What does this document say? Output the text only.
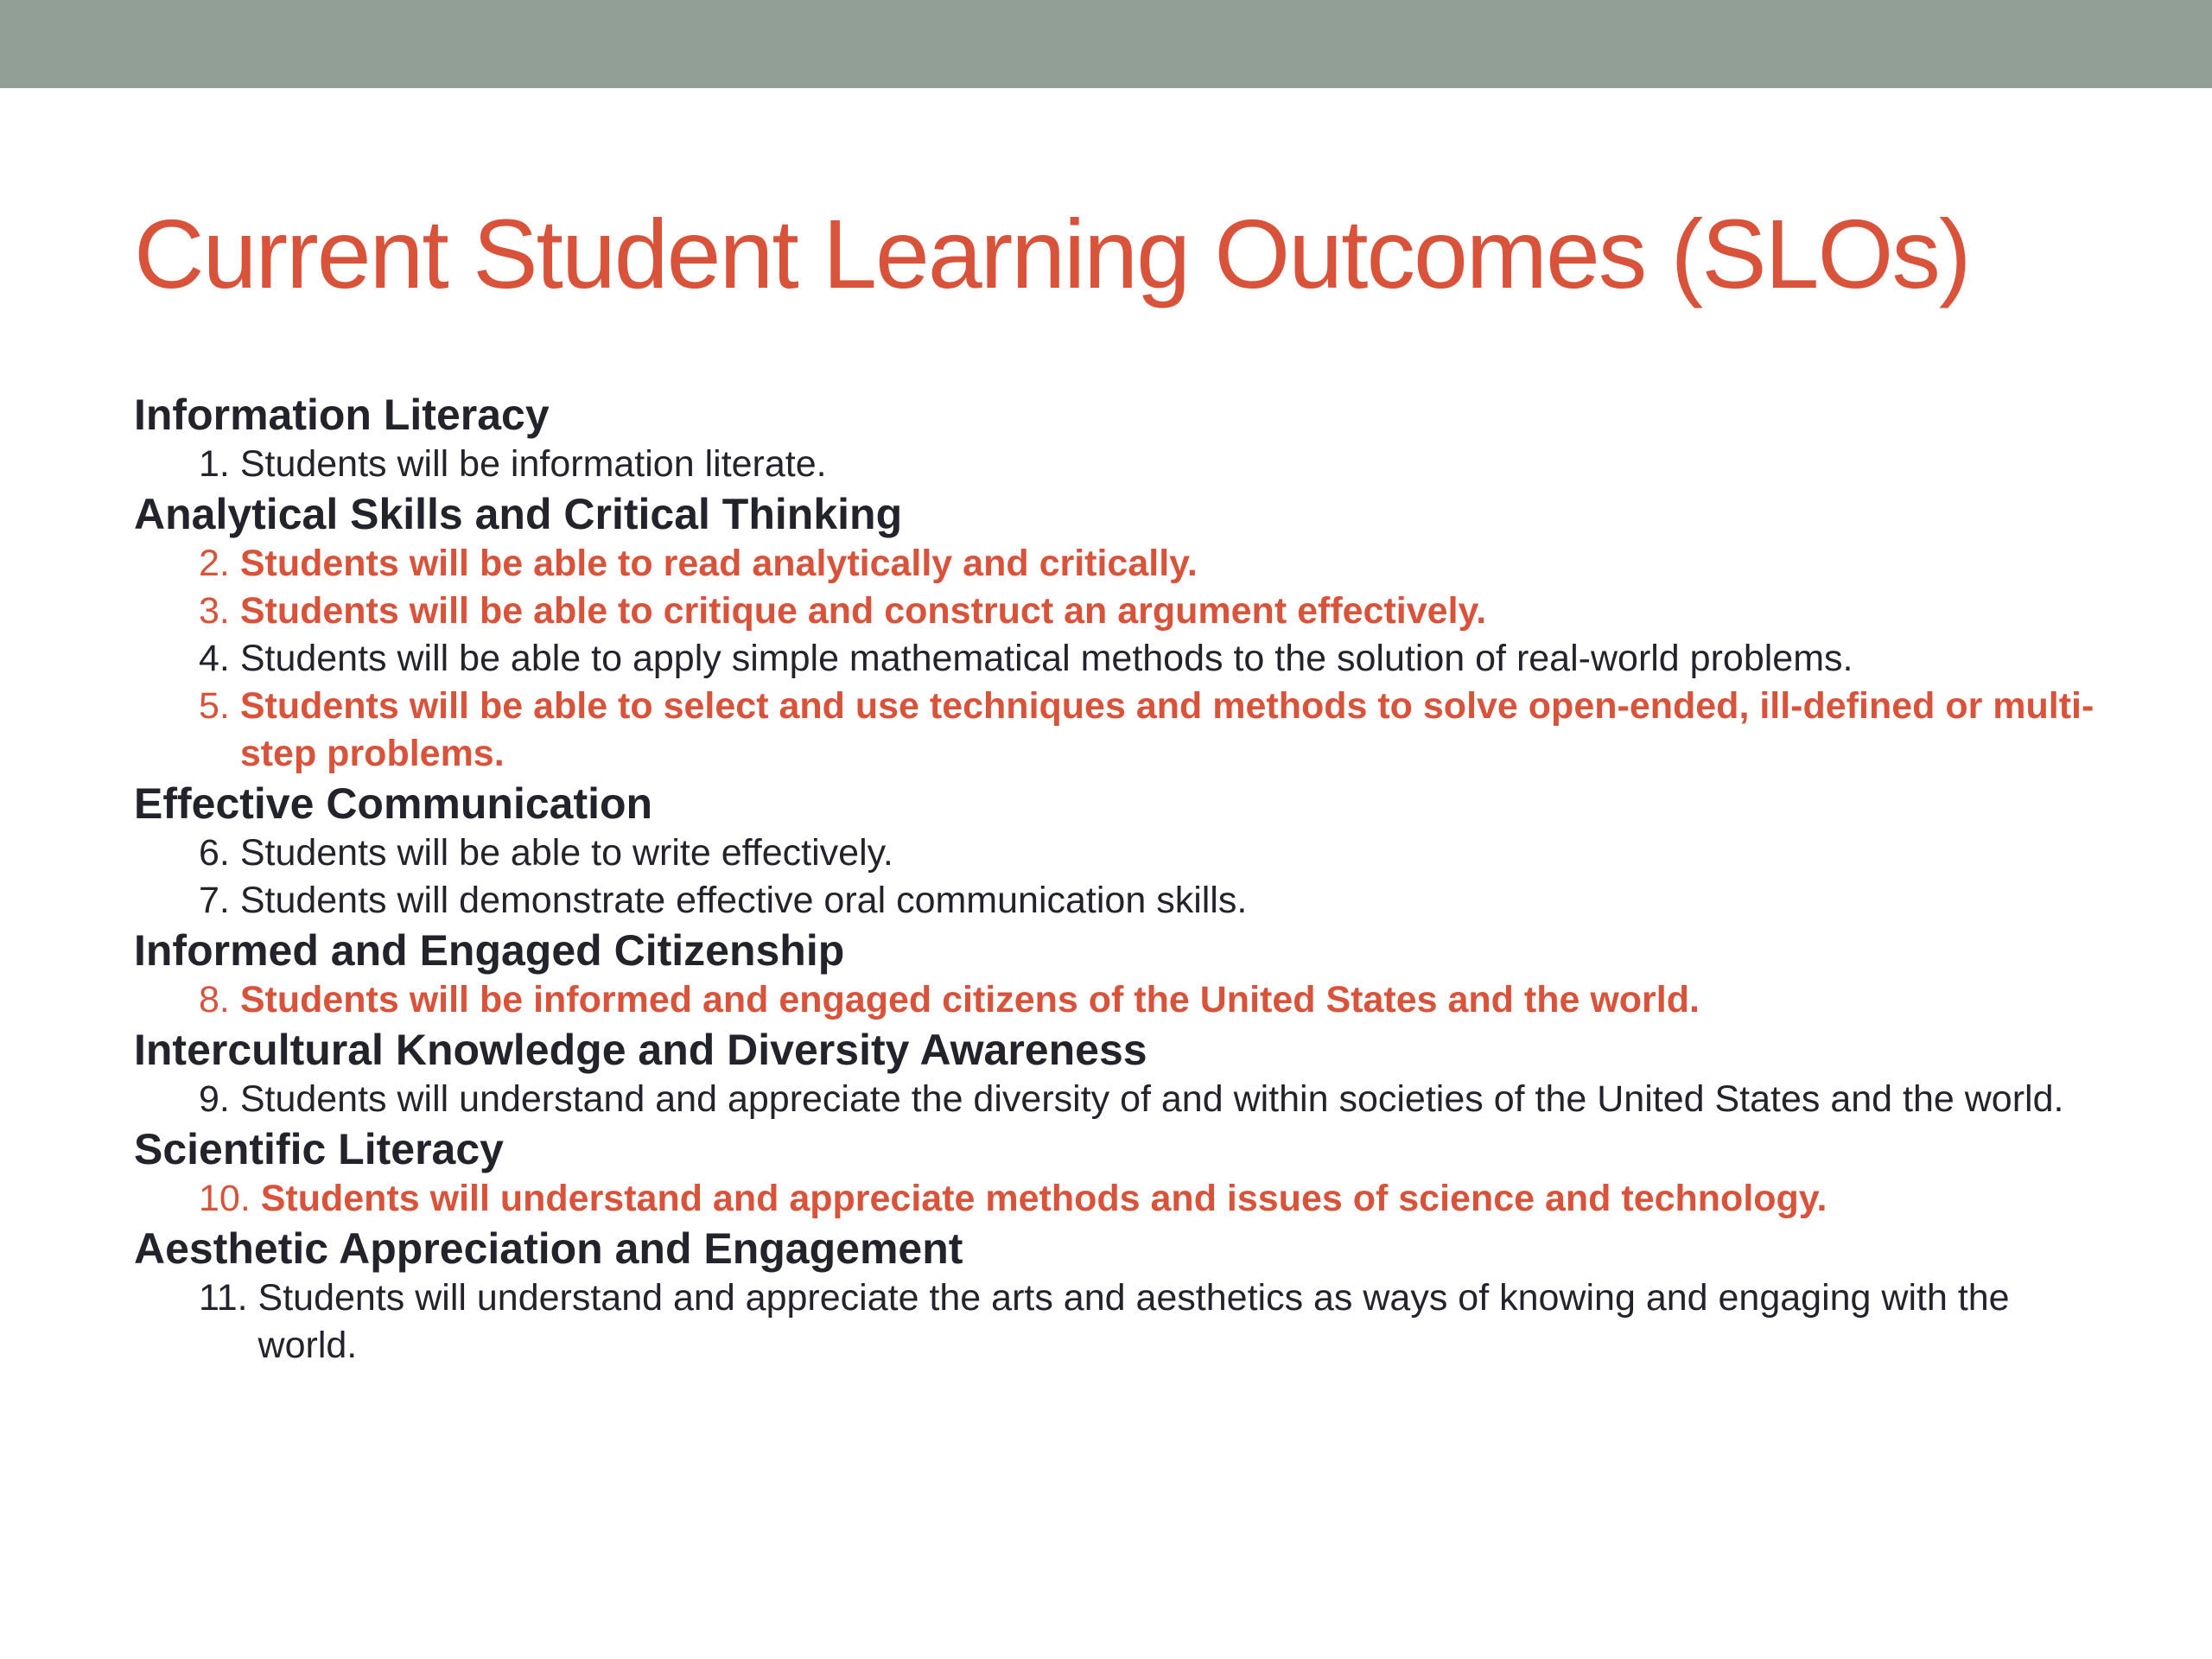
Current Student Learning Outcomes (SLOs)
Information Literacy
1. Students will be information literate.
Analytical Skills and Critical Thinking
2. Students will be able to read analytically and critically.
3. Students will be able to critique and construct an argument effectively.
4. Students will be able to apply simple mathematical methods to the solution of real-world problems.
5. Students will be able to select and use techniques and methods to solve open-ended, ill-defined or multi-step problems.
Effective Communication
6. Students will be able to write effectively.
7. Students will demonstrate effective oral communication skills.
Informed and Engaged Citizenship
8. Students will be informed and engaged citizens of the United States and the world.
Intercultural Knowledge and Diversity Awareness
9. Students will understand and appreciate the diversity of and within societies of the United States and the world.
Scientific Literacy
10. Students will understand and appreciate methods and issues of science and technology.
Aesthetic Appreciation and Engagement
11. Students will understand and appreciate the arts and aesthetics as ways of knowing and engaging with the world.
